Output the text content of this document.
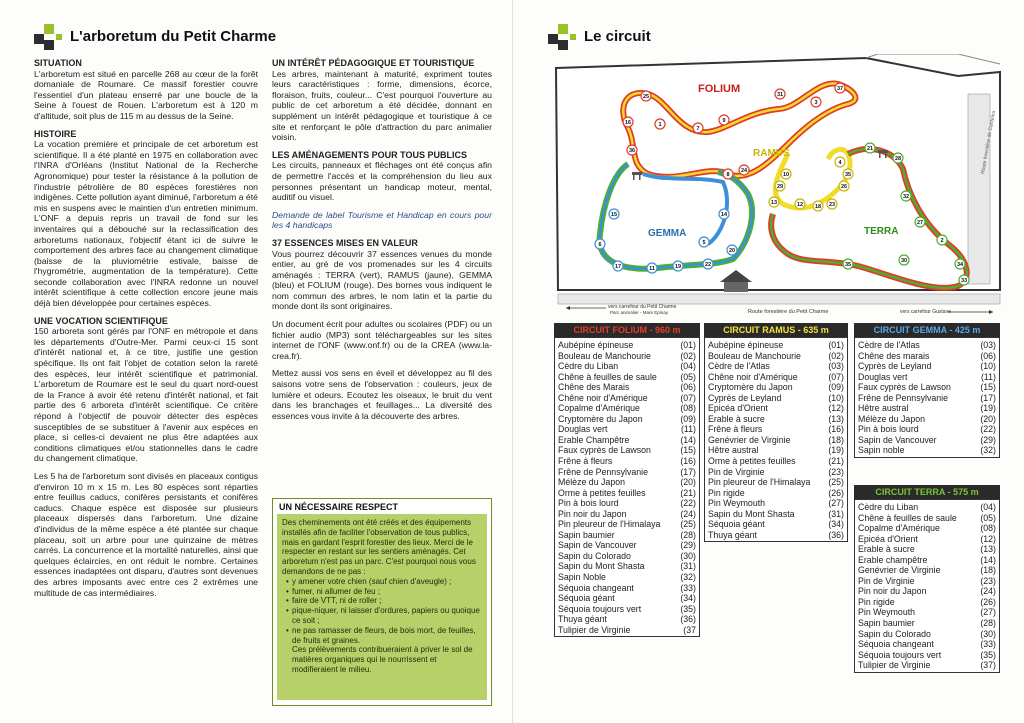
L'arboretum du Petit Charme
SITUATION

L'arboretum est situé en parcelle 268 au cœur de la forêt domaniale de Roumare. Ce massif forestier couvre l'essentiel d'un plateau enserré par une boucle de la Seine à l'ouest de Rouen. L'arboretum est à 120 m d'altitude, soit plus de 115 m au dessus de la Seine.

HISTOIRE

La vocation première et principale de cet arboretum est scientifique. Il a été planté en 1975 en collaboration avec l'INRA d'Orléans (Institut National de la Recherche Agronomique) pour tester la résistance à la pollution de l'industrie pétrolière de 80 espèces forestières non indigènes. Cette pollution ayant diminué, l'arboretum a été mis en suspens avec le maintien d'un entretien minimum. L'ONF a depuis repris un travail de fond sur les inventaires qui a débouché sur la reclassification des arboretums nationaux, l'objectif étant ici de suivre le comportement des arbres face au changement climatique (baisse de la pluviométrie estivale, baisse de l'hygrométrie, augmentation de la température). Cette seconde collaboration avec l'INRA redonne un nouvel intérêt scientifique à cette collection encore jeune mais déjà bien développée pour certaines espèces.

UNE VOCATION SCIENTIFIQUE

150 arboreta sont gérés par l'ONF en métropole et dans les départements d'Outre-Mer. Parmi ceux-ci 15 sont d'intérêt national et, à ce titre, justifie une gestion spécifique. Ils ont fait l'objet de cotation selon la rareté des espèces, leur intérêt scientifique et patrimonial. L'arboretum de Roumare est le seul du quart nord-ouest de la France à avoir été retenu d'intérêt national, et fait partie des 6 arboreta d'intérêt scientifique. Ce critère répond à l'objectif de pouvoir détecter des espèces susceptibles de se substituer à l'avenir aux espèces en place, si celles-ci devaient ne plus être adaptées aux conditions climatiques et/ou stationnelles dans le cadre du changement climatique.

Les 5 ha de l'arboretum sont divisés en placeaux contigus d'environ 10 m x 15 m. Les 80 espèces sont réparties entre feuillus caducs, conifères persistants et conifères caducs. Chaque espèce est disposée sur plusieurs placeaux dispersés dans l'arboretum. Une dizaine d'individus de la même espèce a été plantée sur chaque placeau, soit un arbre pour une quinzaine de mètres carrés. La concurrence et la mortalité naturelles, ainsi que quelques éclaircies, en ont réduit le nombre. Certaines essences inadaptées ont disparu, d'autres sont devenues des arbres imposants avec entre ces 2 extrêmes une multitude de cas intermédiaires.

UN INTÉRÊT PÉDAGOGIQUE ET TOURISTIQUE

Les arbres, maintenant à maturité, expriment toutes leurs caractéristiques : forme, dimensions, écorce, floraison, fruits, couleur... C'est pourquoi l'ouverture au public de cet arboretum a été décidée, donnant en supplément un intérêt pédagogique et touristique à ce site et renforçant le pôle d'attraction du parc animalier voisin.

LES AMÉNAGEMENTS POUR TOUS PUBLICS

Les circuits, panneaux et fléchages ont été conçus afin de permettre l'accès et la compréhension du lieu aux personnes présentant un handicap moteur, mental, auditif ou visuel.

Demande de label Tourisme et Handicap en cours pour les 4 handicaps

37 ESSENCES MISES EN VALEUR

Vous pourrez découvrir 37 essences venues du monde entier, au gré de vos promenades sur les 4 circuits aménagés : TERRA (vert), RAMUS (jaune), GEMMA (bleu) et FOLIUM (rouge). Des bornes vous indiquent le nom commun des arbres, le nom latin et la partie du monde dont ils sont originaires.

Un document écrit pour adultes ou scolaires (PDF) ou un fichier audio (MP3) sont téléchargeables sur les sites internet de l'ONF (www.onf.fr) ou de la CREA (www.la-crea.fr).

Mettez aussi vos sens en éveil et développez au fil des saisons votre sens de l'observation : couleurs, jeux de lumière et odeurs. Ecoutez les oiseaux, le bruit du vent dans les branchages et feuillages... La diversité des essences vous invite à la découverte des arbres.

UN NÉCESSAIRE RESPECT

Des cheminements ont été créés et des équipements installés afin de faciliter l'observation de tous publics, mais en gardant l'esprit forestier des lieux. Merci de le respecter en restant sur les sentiers aménagés. Cet arboretum n'est pas un parc. C'est pourquoi nous vous demandons de ne pas :

• y amener votre chien (sauf chien d'aveugle) ;
• fumer, ni allumer de feu ;
• faire de VTT, ni de roller ;
• pique-niquer, ni laisser d'ordures, papiers ou quoique ce soit ;
• ne pas ramasser de fleurs, de bois mort, de feuilles, de fruits et graines.

Ces prélèvements contribueraient à priver le sol de matières organiques qui le nourrissent et modifieraient le milieu.

Le circuit
Route forestière de Canteleu
Route forestière du Petit Charme
vers carrefour du Petit Charme
Parc animalier - Mare Epinay	vers carrefour Gustave
FOLIUM
RAMUS
GEMMA	TERRA
25
16	1
7
9
31
3
37
36
24
8	10
12
13
18 23
26
4
29
35
15
6
17	11	19	22
20
14
5
21
28
32
27
2
34
33
30
35
CIRCUIT FOLIUM - 960 m
Aubépine épineuse	(01)
Bouleau de Manchourie	(02)
Cèdre du Liban	(04)
Chêne à feuilles de saule	(05)
Chêne des Marais	(06)
Chêne noir d'Amérique	(07)
Copalme d'Amérique	(08)
Cryptomère du Japon	(09)
Douglas vert	(11)
Erable Champêtre	(14)
Faux cyprès de Lawson	(15)
Frêne à fleurs	(16)
Frêne de Pennsylvanie	(17)
Mélèze du Japon	(20)
Orme à petites feuilles	(21)
Pin à bois lourd	(22)
Pin noir du Japon	(24)
Pin pleureur de l'Himalaya (25)
Sapin baumier	(28)
Sapin de Vancouver	(29)
Sapin du Colorado	(30)
Sapin du Mont Shasta	(31)
Sapin Noble	(32)
Séquoia changeant	(33)
Séquoia géant	(34)
Séquoia toujours vert	(35)
Thuya géant	(36)
Tulipier de Virginie	(37
CIRCUIT RAMUS - 635 m
Aubépine épineuse	(01)
Bouleau de Manchourie	(02)
Cèdre de l'Atlas	(03)
Chêne noir d'Amérique	(07)
Cryptomère du Japon	(09)
Cyprès de Leyland	(10)
Epicéa d'Orient	(12)
Erable à sucre	(13)
Frêne à fleurs	(16)
Genévrier de Virginie	(18)
Hêtre austral	(19)
Orme à petites feuilles	(21)
Pin de Virginie	(23)
Pin pleureur de l'Himalaya (25)
Pin rigide	(26)
Pin Weymouth	(27)
Sapin du Mont Shasta	(31)
Séquoia géant	(34)
Thuya géant	(36)
CIRCUIT GEMMA - 425 m
Cèdre de l'Atlas	(03)
Chêne des marais	(06)
Cyprès de Leyland	(10)
Douglas vert	(11)
Faux cyprès de Lawson	(15)
Frêne de Pennsylvanie	(17)
Hêtre austral	(19)
Mélèze du Japon	(20)
Pin à bois lourd	(22)
Sapin de Vancouver	(29)
Sapin noble	(32)
CIRCUIT TERRA - 575 m
Cèdre du Liban	(04)
Chêne à feuilles de saule	(05)
Copalme d'Amérique	(08)
Epicéa d'Orient	(12)
Erable à sucre	(13)
Erable champêtre	(14)
Genévrier de Virginie	(18)
Pin de Virginie	(23)
Pin noir du Japon	(24)
Pin rigide	(26)
Pin Weymouth	(27)
Sapin baumier	(28)
Sapin du Colorado	(30)
Séquoia changeant	(33)
Séquoia toujours vert	(35)
Tulipier de Virginie	(37)
